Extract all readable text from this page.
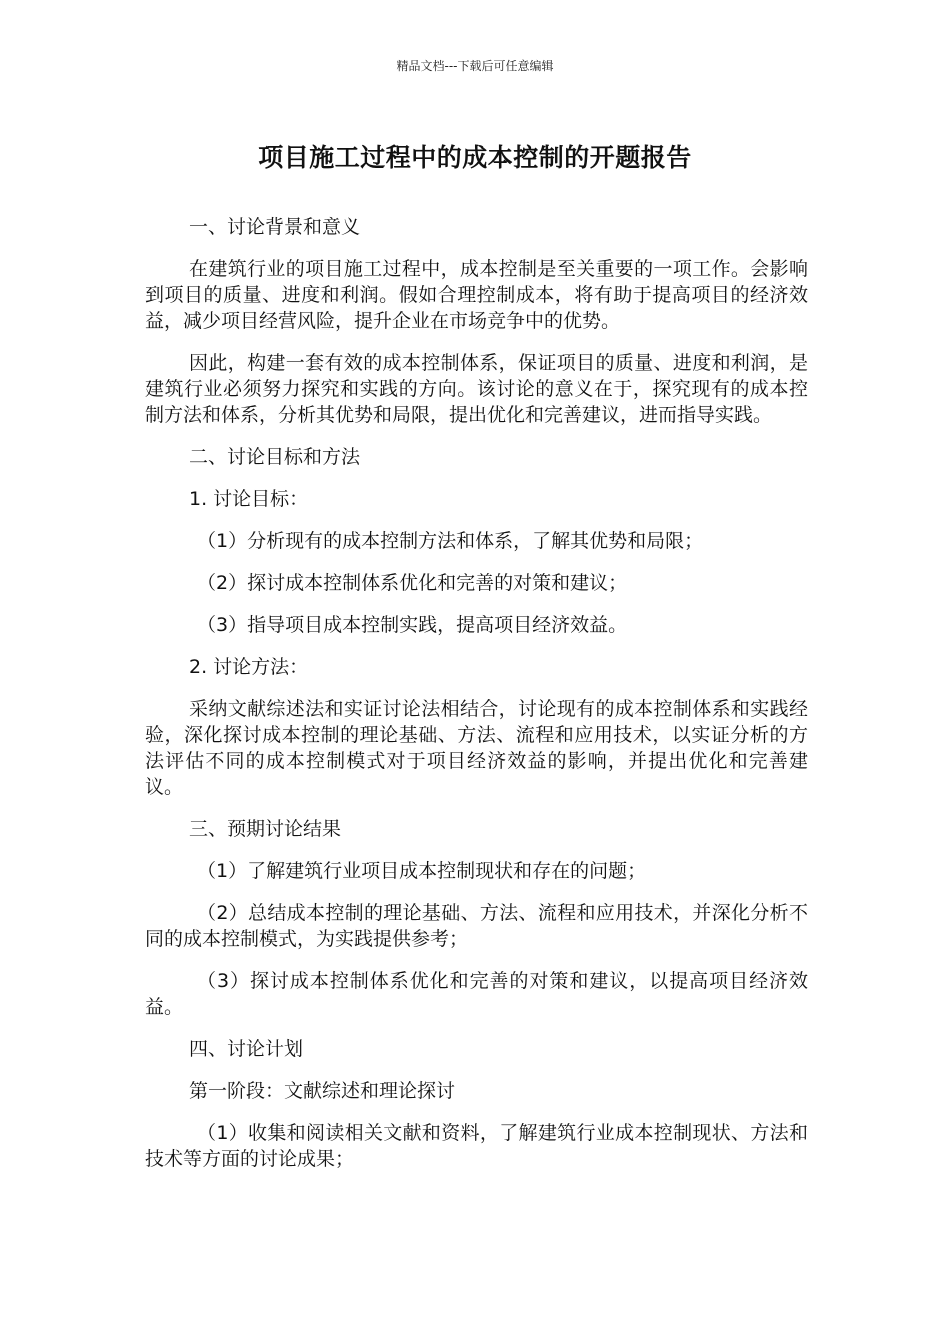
精品文档---下载后可任意编辑
项目施工过程中的成本控制的开题报告

一、讨论背景和意义

在建筑行业的项目施工过程中，成本控制是至关重要的一项工作。会影响到项目的质量、进度和利润。假如合理控制成本，将有助于提高项目的经济效益，减少项目经营风险，提升企业在市场竞争中的优势。

因此，构建一套有效的成本控制体系，保证项目的质量、进度和利润，是建筑行业必须努力探究和实践的方向。该讨论的意义在于，探究现有的成本控制方法和体系，分析其优势和局限，提出优化和完善建议，进而指导实践。

二、讨论目标和方法

1. 讨论目标：

（1）分析现有的成本控制方法和体系，了解其优势和局限；

（2）探讨成本控制体系优化和完善的对策和建议；

（3）指导项目成本控制实践，提高项目经济效益。

2. 讨论方法：

采纳文献综述法和实证讨论法相结合，讨论现有的成本控制体系和实践经验，深化探讨成本控制的理论基础、方法、流程和应用技术，以实证分析的方法评估不同的成本控制模式对于项目经济效益的影响，并提出优化和完善建议。

三、预期讨论结果

（1）了解建筑行业项目成本控制现状和存在的问题；

（2）总结成本控制的理论基础、方法、流程和应用技术，并深化分析不同的成本控制模式，为实践提供参考；

（3）探讨成本控制体系优化和完善的对策和建议，以提高项目经济效益。

四、讨论计划

第一阶段：文献综述和理论探讨

（1）收集和阅读相关文献和资料，了解建筑行业成本控制现状、方法和技术等方面的讨论成果；
